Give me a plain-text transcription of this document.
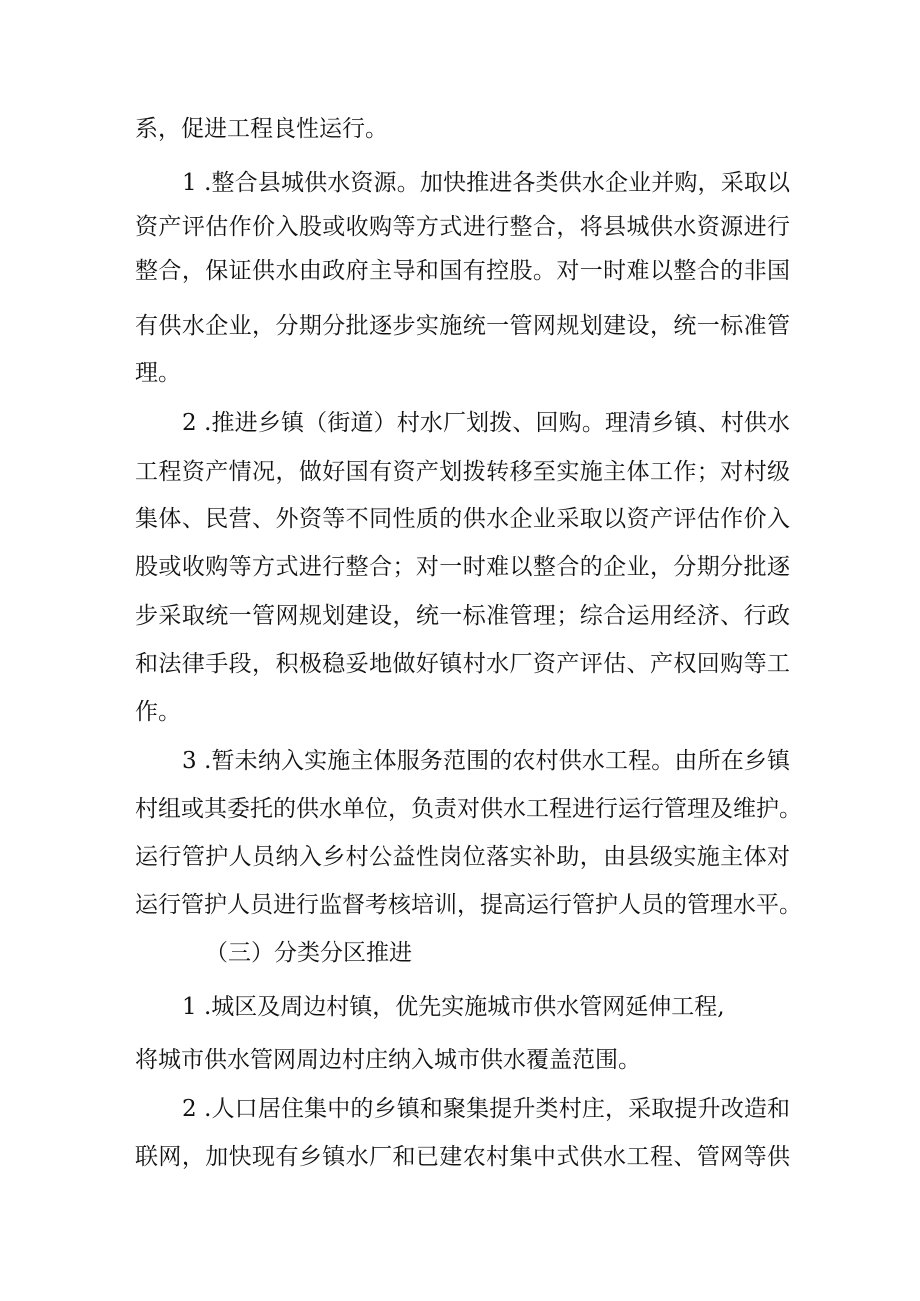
系，促进工程良性运行。
1 .整合县城供水资源。加快推进各类供水企业并购，采取以
资产评估作价入股或收购等方式进行整合，将县城供水资源进行
整合，保证供水由政府主导和国有控股。对一时难以整合的非国
有供水企业，分期分批逐步实施统一管网规划建设，统一标准管
理。
2 .推进乡镇（街道）村水厂划拨、回购。理清乡镇、村供水
工程资产情况，做好国有资产划拨转移至实施主体工作；对村级
集体、民营、外资等不同性质的供水企业采取以资产评估作价入
股或收购等方式进行整合；对一时难以整合的企业，分期分批逐
步采取统一管网规划建设，统一标准管理；综合运用经济、行政
和法律手段，积极稳妥地做好镇村水厂资产评估、产权回购等工
作。
3 .暂未纳入实施主体服务范围的农村供水工程。由所在乡镇
村组或其委托的供水单位，负责对供水工程进行运行管理及维护。
运行管护人员纳入乡村公益性岗位落实补助，由县级实施主体对
运行管护人员进行监督考核培训，提高运行管护人员的管理水平。
（三）分类分区推进
1 .城区及周边村镇，优先实施城市供水管网延伸工程,
将城市供水管网周边村庄纳入城市供水覆盖范围。
2 .人口居住集中的乡镇和聚集提升类村庄，采取提升改造和
联网，加快现有乡镇水厂和已建农村集中式供水工程、管网等供
